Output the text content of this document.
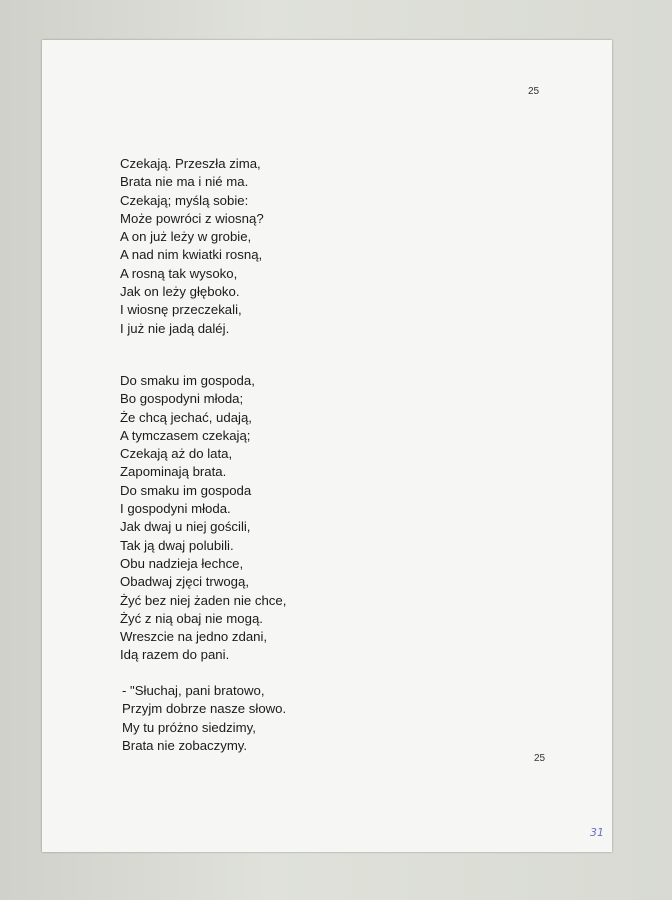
25
Czekają. Przeszła zima,
Brata nie ma i nié ma.
Czekają; myślą sobie:
Może powróci z wiosną?
A on już leży w grobie,
A nad nim kwiatki rosną,
A rosną tak wysoko,
Jak on leży głęboko.
I wiosnę przeczekali,
I już nie jadą daléj.
Do smaku im gospoda,
Bo gospodyni młoda;
Że chcą jechać, udają,
A tymczasem czekają;
Czekają aż do lata,
Zapominają brata.
Do smaku im gospoda
I gospodyni młoda.
Jak dwaj u niej gościli,
Tak ją dwaj polubili.
Obu nadzieja łechce,
Obadwaj zjęci trwogą,
Żyć bez niej żaden nie chce,
Żyć z nią obaj nie mogą.
Wreszcie na jedno zdani,
Idą razem do pani.
- "Słuchaj, pani bratowo,
Przyjm dobrze nasze słowo.
My tu próżno siedzimy,
Brata nie zobaczymy.
25
31
